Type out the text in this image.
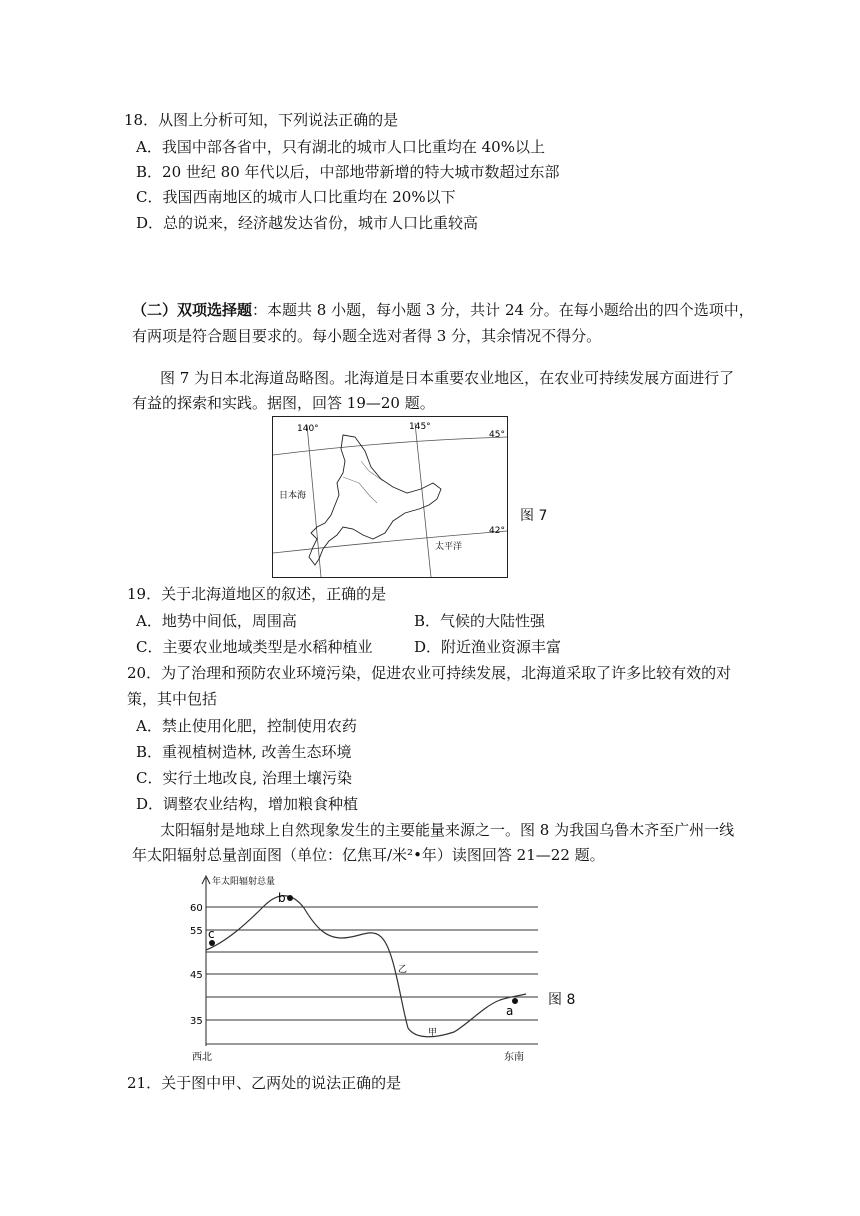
18．从图上分析可知，下列说法正确的是
A．我国中部各省中，只有湖北的城市人口比重均在 40%以上
B．20 世纪 80 年代以后，中部地带新增的特大城市数超过东部
C．我国西南地区的城市人口比重均在 20%以下
D．总的说来，经济越发达省份，城市人口比重较高
（二）双项选择题：本题共 8 小题，每小题 3 分，共计 24 分。在每小题给出的四个选项中，
有两项是符合题目要求的。每小题全选对者得 3 分，其余情况不得分。
图 7 为日本北海道岛略图。北海道是日本重要农业地区，在农业可持续发展方面进行了
有益的探索和实践。据图，回答 19—20 题。
140°	145°
45°
42°
日本海
太平洋
图 7
19．关于北海道地区的叙述，正确的是
A．地势中间低，周围高	B．气候的大陆性强
C．主要农业地域类型是水稻种植业	D．附近渔业资源丰富
20．为了治理和预防农业环境污染，促进农业可持续发展，北海道采取了许多比较有效的对
策，其中包括
A．禁止使用化肥，控制使用农药
B．重视植树造林, 改善生态环境
C．实行土地改良, 治理土壤污染
D．调整农业结构，增加粮食种植
太阳辐射是地球上自然现象发生的主要能量来源之一。图 8 为我国乌鲁木齐至广州一线
年太阳辐射总量剖面图（单位：亿焦耳/米²•年）读图回答 21—22 题。
年太阳辐射总量
60
55
45
35
c
b
a
乙
甲
西北	东南
图 8
21．关于图中甲、乙两处的说法正确的是
